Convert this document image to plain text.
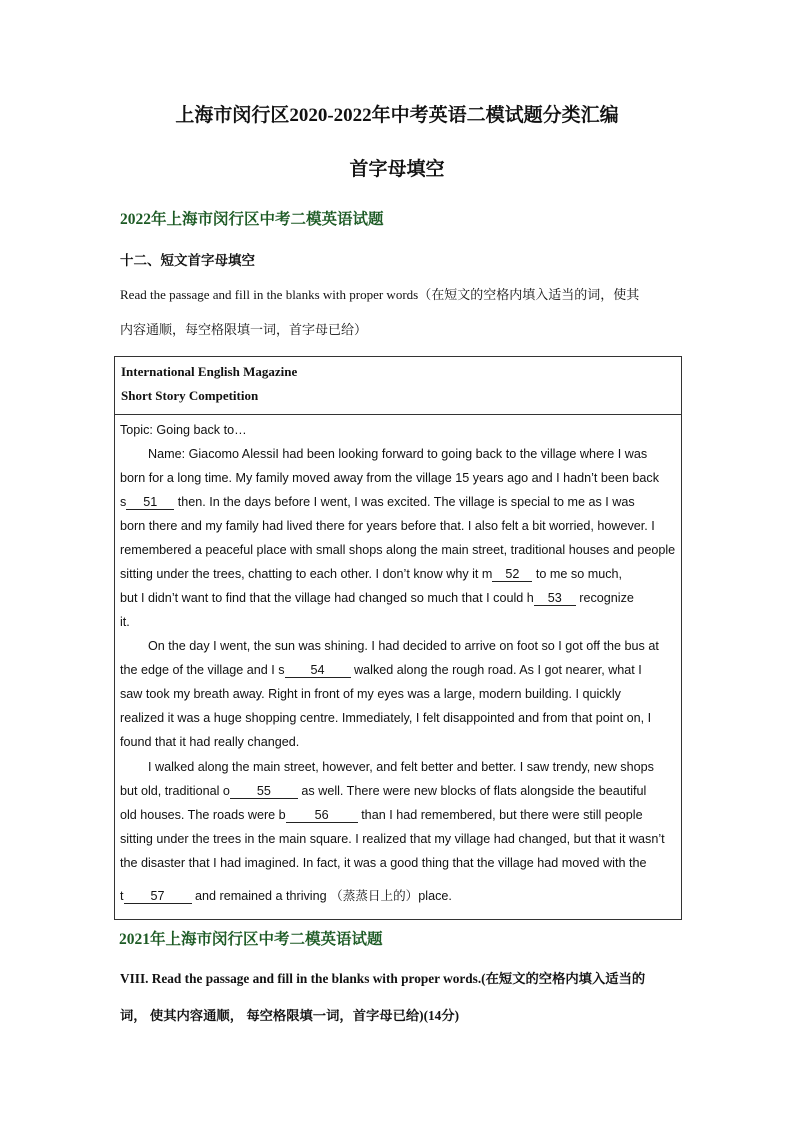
上海市闵行区2020-2022年中考英语二模试题分类汇编
首字母填空
2022年上海市闵行区中考二模英语试题
十二、短文首字母填空
Read the passage and fill in the blanks with proper words（在短文的空格内填入适当的词，使其
内容通顺，每空格限填一词，首字母已给）
International English Magazine
Short Story Competition
Topic: Going back to…
Name: Giacomo AlessiI had been looking forward to going back to the village where I was
born for a long time. My family moved away from the village 15 years ago and I hadn’t been back
s 51 then. In the days before I went, I was excited. The village is special to me as I was
born there and my family had lived there for years before that. I also felt a bit worried, however. I
remembered a peaceful place with small shops along the main street, traditional houses and people
sitting under the trees, chatting to each other. I don’t know why it m 52 to me so much,
but I didn’t want to find that the village had changed so much that I could h 53 recognize
it.
On the day I went, the sun was shining. I had decided to arrive on foot so I got off the bus at
the edge of the village and I s 54 walked along the rough road. As I got nearer, what I
saw took my breath away. Right in front of my eyes was a large, modern building. I quickly
realized it was a huge shopping centre. Immediately, I felt disappointed and from that point on, I
found that it had really changed.
I walked along the main street, however, and felt better and better. I saw trendy, new shops
but old, traditional o 55 as well. There were new blocks of flats alongside the beautiful
old houses. The roads were b 56	than I had remembered, but there were still people
sitting under the trees in the main square. I realized that my village had changed, but that it wasn’t
the disaster that I had imagined. In fact, it was a good thing that the village had moved with the
t 57 and remained a thriving （蒸蒸日上的）place.
2021年上海市闵行区中考二模英语试题
VIII. Read the passage and fill in the blanks with proper words.(在短文的空格内填入适当的
词， 使其内容通顺， 每空格限填一词，首字母已给)(14分)
